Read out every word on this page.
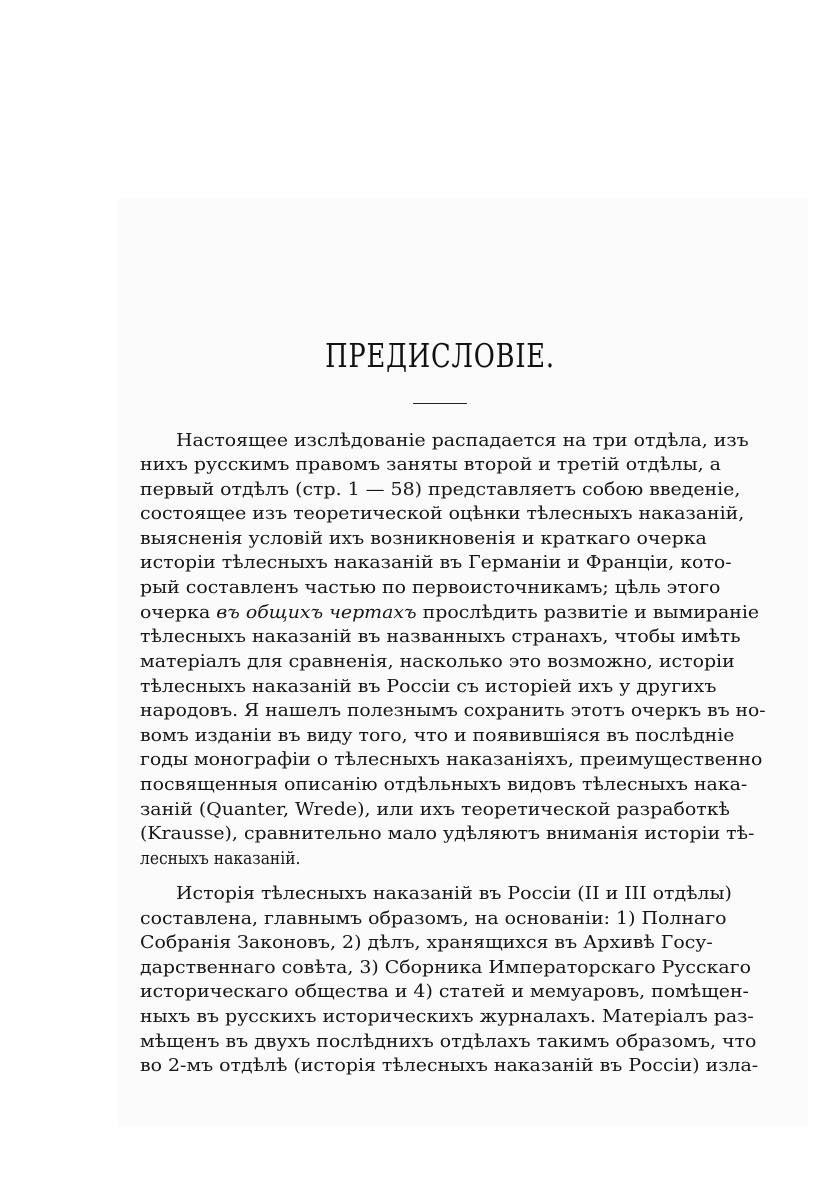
ПРЕДИСЛОВІЕ.
Настоящее изслѣдованіе распадается на три отдѣла, изъ
нихъ русскимъ правомъ заняты второй и третій отдѣлы, а
первый отдѣлъ (стр. 1 — 58) представляетъ собою введеніе,
состоящее изъ теоретической оцѣнки тѣлесныхъ наказаній,
выясненія условій ихъ возникновенія и краткаго очерка
исторіи тѣлесныхъ наказаній въ Германіи и Франціи, кото-
рый составленъ частью по первоисточникамъ; цѣль этого
очерка въ общихъ чертахъ прослѣдить развитіе и вымираніе
тѣлесныхъ наказаній въ названныхъ странахъ, чтобы имѣть
матеріалъ для сравненія, насколько это возможно, исторіи
тѣлесныхъ наказаній въ Россіи съ исторіей ихъ у другихъ
народовъ. Я нашелъ полезнымъ сохранить этотъ очеркъ въ но-
вомъ изданіи въ виду того, что и появившіяся въ послѣдніе
годы монографіи о тѣлесныхъ наказаніяхъ, преимущественно
посвященныя описанію отдѣльныхъ видовъ тѣлесныхъ нака-
заній (Quanter, Wrede), или ихъ теоретической разработкѣ
(Krausse), сравнительно мало удѣляютъ вниманія исторіи тѣ-
лесныхъ наказаній.
Исторія тѣлесныхъ наказаній въ Россіи (II и III отдѣлы)
составлена, главнымъ образомъ, на основаніи: 1) Полнаго
Собранія Законовъ, 2) дѣлъ, хранящихся въ Архивѣ Госу-
дарственнаго совѣта, 3) Сборника Императорскаго Русскаго
историческаго общества и 4) статей и мемуаровъ, помѣщен-
ныхъ въ русскихъ историческихъ журналахъ. Матеріалъ раз-
мѣщенъ въ двухъ послѣднихъ отдѣлахъ такимъ образомъ, что
во 2-мъ отдѣлѣ (исторія тѣлесныхъ наказаній въ Россіи) изла-
